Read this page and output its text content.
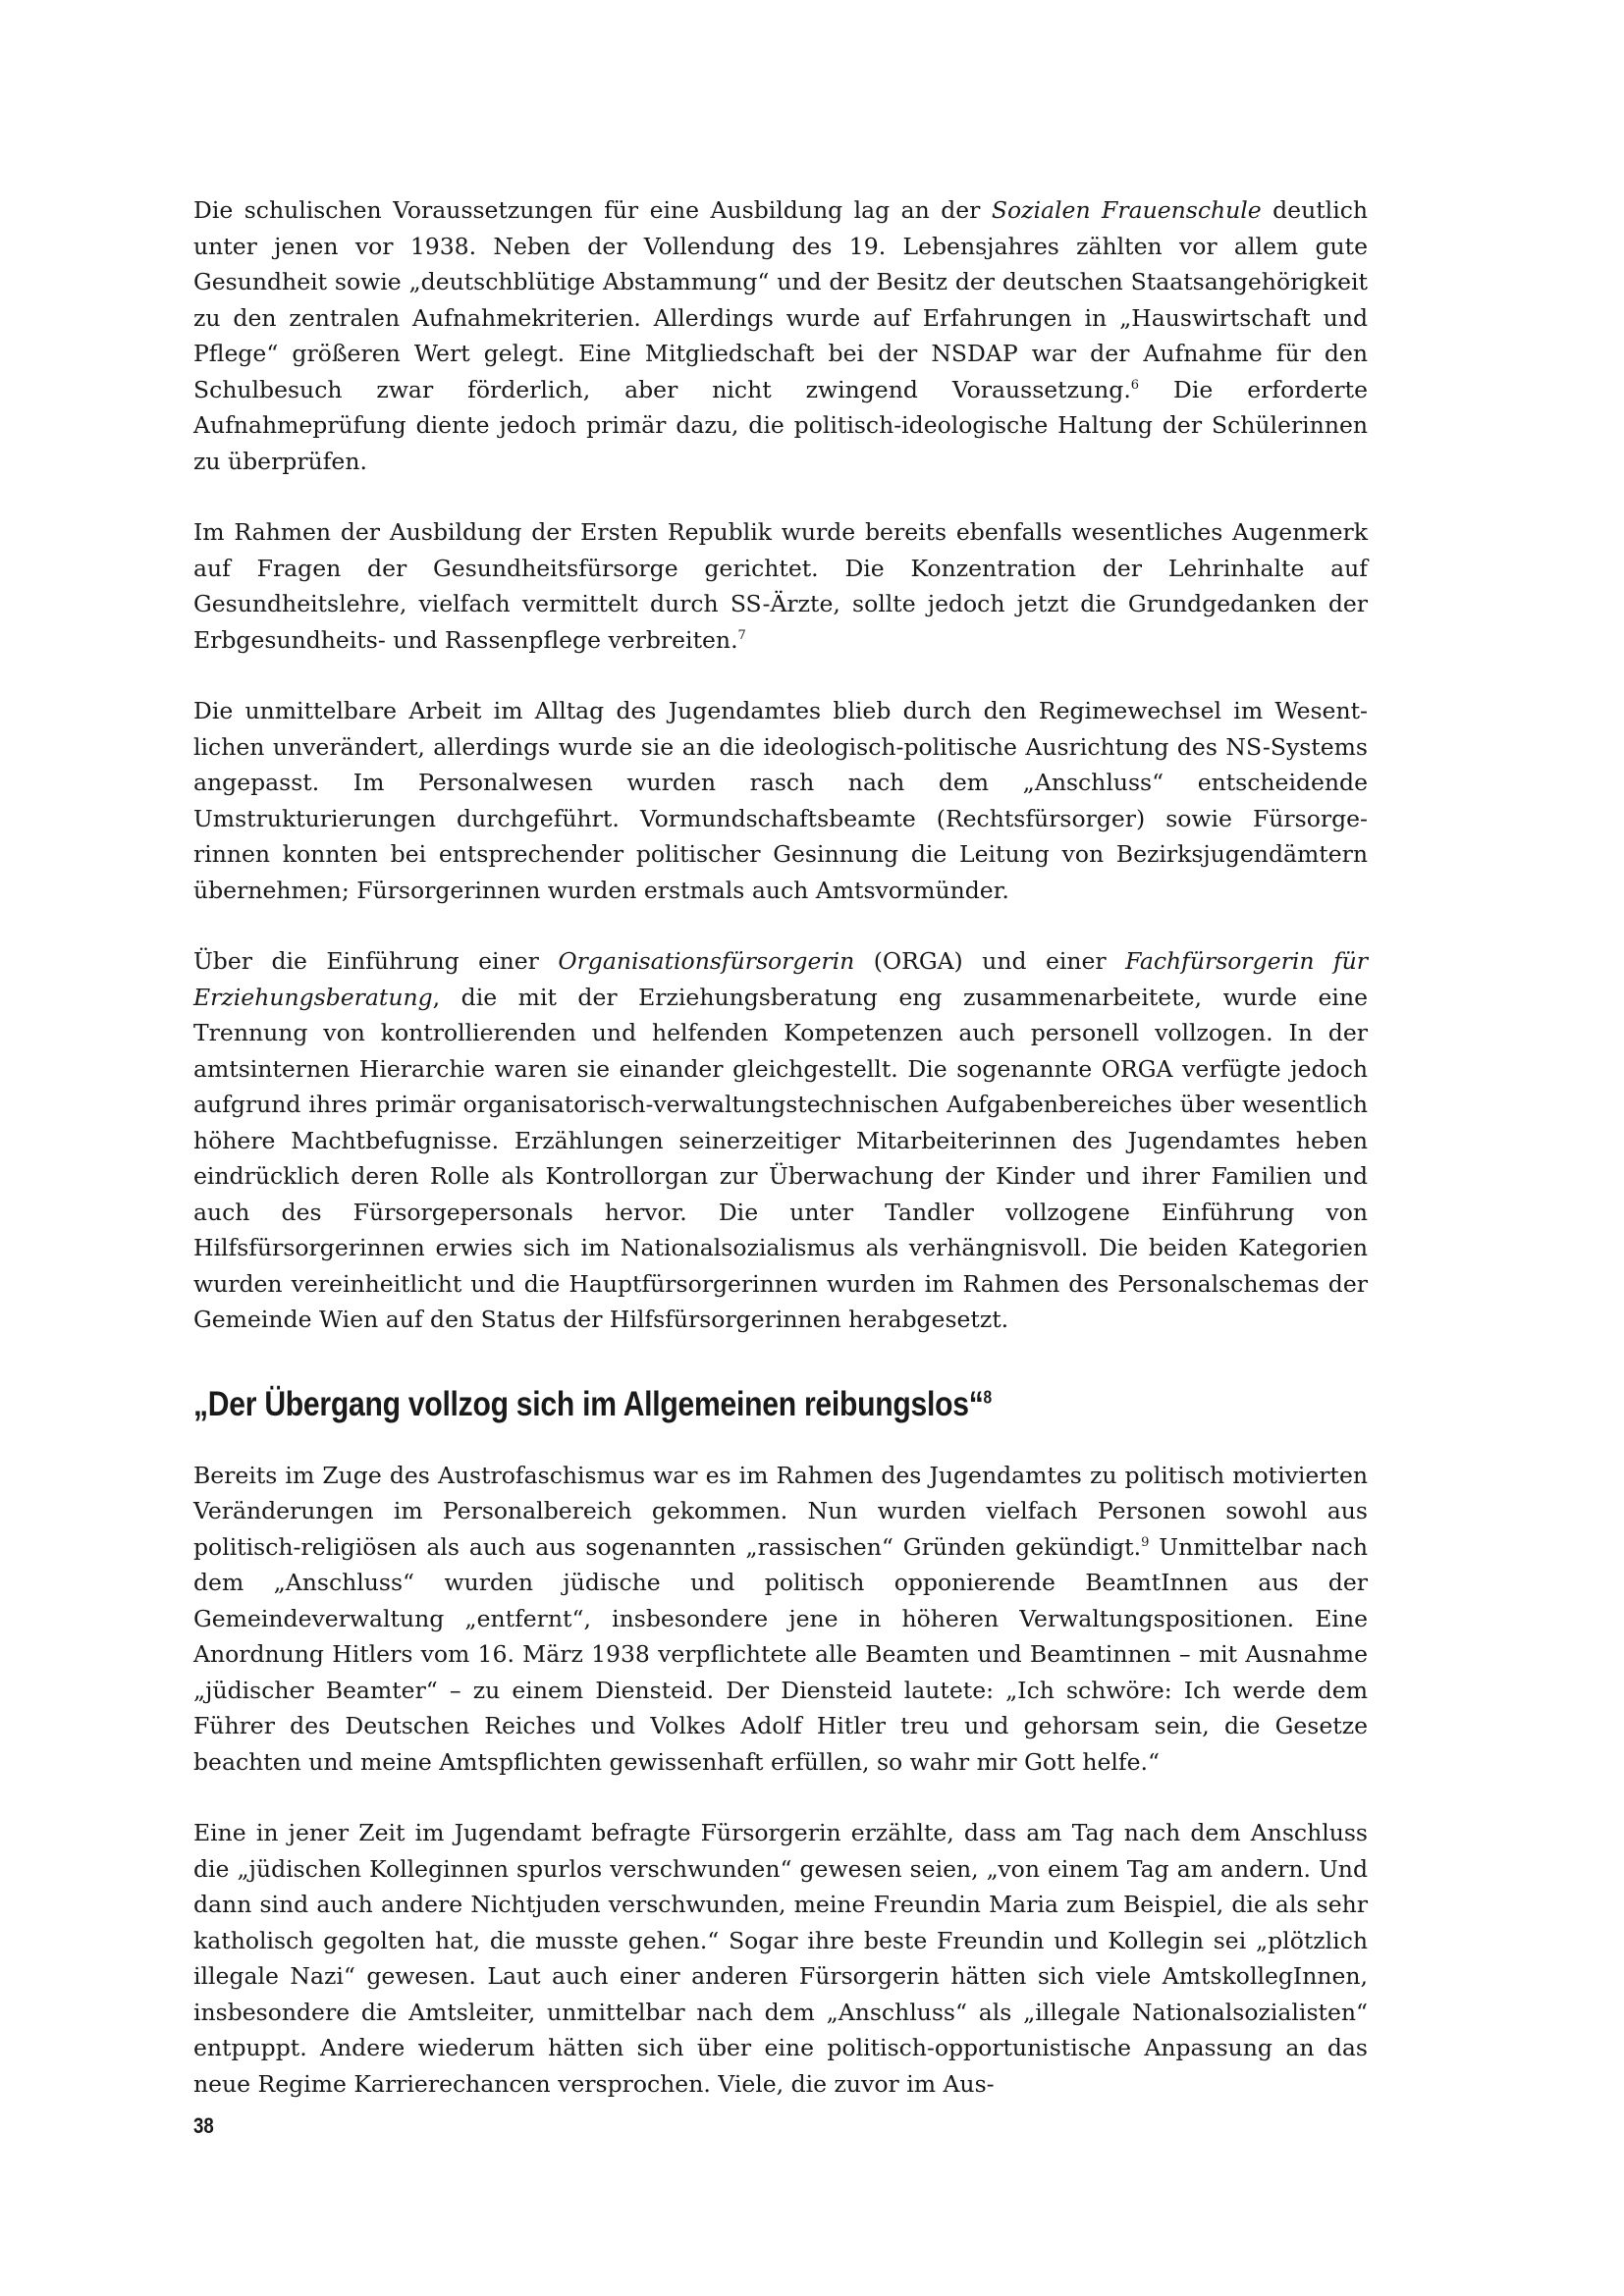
Die schulischen Voraussetzungen für eine Ausbildung lag an der Sozialen Frauenschule deutlich unter jenen vor 1938. Neben der Vollendung des 19. Lebensjahres zählten vor allem gute Gesundheit sowie „deutschblütige Abstammung“ und der Besitz der deutschen Staatsangehörigkeit zu den zentralen Aufnahmekriterien. Allerdings wurde auf Erfahrungen in „Hauswirtschaft und Pflege“ größeren Wert gelegt. Eine Mitgliedschaft bei der NSDAP war der Aufnahme für den Schulbesuch zwar förderlich, aber nicht zwingend Voraussetzung.$^6$ Die erforderte Aufnahmeprüfung diente jedoch primär dazu, die politisch-ideologische Haltung der Schülerinnen zu überprüfen.

Im Rahmen der Ausbildung der Ersten Republik wurde bereits ebenfalls wesentliches Augenmerk auf Fragen der Gesundheitsfürsorge gerichtet. Die Konzentration der Lehrinhalte auf Gesundheitslehre, vielfach vermittelt durch SS-Ärzte, sollte jedoch jetzt die Grundgedanken der Erbgesundheits- und Rassenpflege verbreiten.$^7$

Die unmittelbare Arbeit im Alltag des Jugendamtes blieb durch den Regimewechsel im Wesentlichen unverändert, allerdings wurde sie an die ideologisch-politische Ausrichtung des NS-Systems angepasst. Im Personalwesen wurden rasch nach dem „Anschluss“ entscheidende Umstrukturierungen durchgeführt. Vormundschaftsbeamte (Rechtsfürsorger) sowie Fürsorgerinnen konnten bei entsprechender politischer Gesinnung die Leitung von Bezirksjugendämtern übernehmen; Fürsorgerinnen wurden erstmals auch Amtsvormünder.

Über die Einführung einer Organisationsfürsorgerin (ORGA) und einer Fachfürsorgerin für Erziehungsberatung, die mit der Erziehungsberatung eng zusammenarbeitete, wurde eine Trennung von kontrollierenden und helfenden Kompetenzen auch personell vollzogen. In der amtsinternen Hierarchie waren sie einander gleichgestellt. Die sogenannte ORGA verfügte jedoch aufgrund ihres primär organisatorisch-verwaltungstechnischen Aufgabenbereiches über wesentlich höhere Machtbefugnisse. Erzählungen seinerzeitiger Mitarbeiterinnen des Jugendamtes heben eindrücklich deren Rolle als Kontrollorgan zur Überwachung der Kinder und ihrer Familien und auch des Fürsorgepersonals hervor. Die unter Tandler vollzogene Einführung von Hilfsfürsorgerinnen erwies sich im Nationalsozialismus als verhängnisvoll. Die beiden Kategorien wurden vereinheitlicht und die Hauptfürsorgerinnen wurden im Rahmen des Personalschemas der Gemeinde Wien auf den Status der Hilfsfürsorgerinnen herabgesetzt.

„Der Übergang vollzog sich im Allgemeinen reibungslos“$^8$

Bereits im Zuge des Austrofaschismus war es im Rahmen des Jugendamtes zu politisch motivierten Veränderungen im Personalbereich gekommen. Nun wurden vielfach Personen sowohl aus politisch-religiösen als auch aus sogenannten „rassischen“ Gründen gekündigt.$^9$ Unmittelbar nach dem „Anschluss“ wurden jüdische und politisch opponierende BeamtInnen aus der Gemeindeverwaltung „entfernt“, insbesondere jene in höheren Verwaltungspositionen. Eine Anordnung Hitlers vom 16. März 1938 verpflichtete alle Beamten und Beamtinnen – mit Ausnahme „jüdischer Beamter“ – zu einem Diensteid. Der Diensteid lautete: „Ich schwöre: Ich werde dem Führer des Deutschen Reiches und Volkes Adolf Hitler treu und gehorsam sein, die Gesetze beachten und meine Amtspflichten gewissenhaft erfüllen, so wahr mir Gott helfe.“

Eine in jener Zeit im Jugendamt befragte Fürsorgerin erzählte, dass am Tag nach dem Anschluss die „jüdischen Kolleginnen spurlos verschwunden“ gewesen seien, „von einem Tag am andern. Und dann sind auch andere Nichtjuden verschwunden, meine Freundin Maria zum Beispiel, die als sehr katholisch gegolten hat, die musste gehen.“ Sogar ihre beste Freundin und Kollegin sei „plötzlich illegale Nazi“ gewesen. Laut auch einer anderen Fürsorgerin hätten sich viele AmtskollegInnen, insbesondere die Amtsleiter, unmittelbar nach dem „Anschluss“ als „illegale Nationalsozialisten“ entpuppt. Andere wiederum hätten sich über eine politisch-opportunistische Anpassung an das neue Regime Karrierechancen versprochen. Viele, die zuvor im Aus-

38
